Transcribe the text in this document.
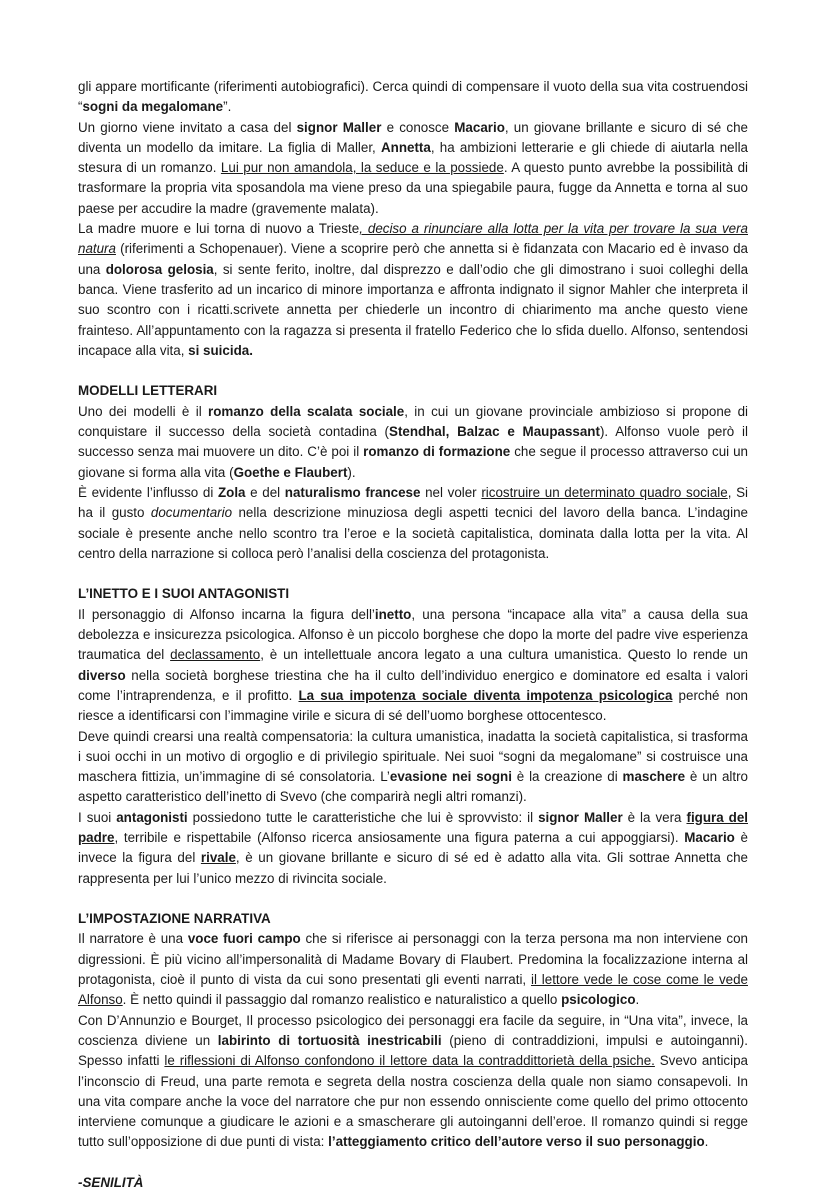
gli appare mortificante (riferimenti autobiografici). Cerca quindi di compensare il vuoto della sua vita costruendosi “sogni da megalomane”.

Un giorno viene invitato a casa del signor Maller e conosce Macario, un giovane brillante e sicuro di sé che diventa un modello da imitare. La figlia di Maller, Annetta, ha ambizioni letterarie e gli chiede di aiutarla nella stesura di un romanzo. Lui pur non amandola, la seduce e la possiede. A questo punto avrebbe la possibilità di trasformare la propria vita sposandola ma viene preso da una spiegabile paura, fugge da Annetta e torna al suo paese per accudire la madre (gravemente malata).

La madre muore e lui torna di nuovo a Trieste, deciso a rinunciare alla lotta per la vita per trovare la sua vera natura (riferimenti a Schopenauer). Viene a scoprire però che annetta si è fidanzata con Macario ed è invaso da una dolorosa gelosia, si sente ferito, inoltre, dal disprezzo e dall’odio che gli dimostrano i suoi colleghi della banca. Viene trasferito ad un incarico di minore importanza e affronta indignato il signor Mahler che interpreta il suo scontro con i ricatti.scrivete annetta per chiederle un incontro di chiarimento ma anche questo viene frainteso. All’appuntamento con la ragazza si presenta il fratello Federico che lo sfida duello. Alfonso, sentendosi incapace alla vita, si suicida.

MODELLI LETTERARI

Uno dei modelli è il romanzo della scalata sociale, in cui un giovane provinciale ambizioso si propone di conquistare il successo della società contadina (Stendhal, Balzac e Maupassant). Alfonso vuole però il successo senza mai muovere un dito. C’è poi il romanzo di formazione che segue il processo attraverso cui un giovane si forma alla vita (Goethe e Flaubert).

È evidente l’influsso di Zola e del naturalismo francese nel voler ricostruire un determinato quadro sociale, Si ha il gusto documentario nella descrizione minuziosa degli aspetti tecnici del lavoro della banca. L’indagine sociale è presente anche nello scontro tra l’eroe e la società capitalistica, dominata dalla lotta per la vita. Al centro della narrazione si colloca però l’analisi della coscienza del protagonista.

L’INETTO E I SUOI ANTAGONISTI

Il personaggio di Alfonso incarna la figura dell’inetto, una persona “incapace alla vita” a causa della sua debolezza e insicurezza psicologica. Alfonso è un piccolo borghese che dopo la morte del padre vive esperienza traumatica del declassamento, è un intellettuale ancora legato a una cultura umanistica. Questo lo rende un diverso nella società borghese triestina che ha il culto dell’individuo energico e dominatore ed esalta i valori come l’intraprendenza, e il profitto. La sua impotenza sociale diventa impotenza psicologica perché non riesce a identificarsi con l’immagine virile e sicura di sé dell’uomo borghese ottocentesco.

Deve quindi crearsi una realtà compensatoria: la cultura umanistica, inadatta la società capitalistica, si trasforma i suoi occhi in un motivo di orgoglio e di privilegio spirituale. Nei suoi “sogni da megalomane” si costruisce una maschera fittizia, un’immagine di sé consolatoria. L’evasione nei sogni è la creazione di maschere è un altro aspetto caratteristico dell’inetto di Svevo (che comparirà negli altri romanzi).

I suoi antagonisti possiedono tutte le caratteristiche che lui è sprovvisto: il signor Maller è la vera figura del padre, terribile e rispettabile (Alfonso ricerca ansiosamente una figura paterna a cui appoggiarsi). Macario è invece la figura del rivale, è un giovane brillante e sicuro di sé ed è adatto alla vita. Gli sottrae Annetta che rappresenta per lui l’unico mezzo di rivincita sociale.

L’IMPOSTAZIONE NARRATIVA

Il narratore è una voce fuori campo che si riferisce ai personaggi con la terza persona ma non interviene con digressioni. È più vicino all’impersonalità di Madame Bovary di Flaubert. Predomina la focalizzazione interna al protagonista, cioè il punto di vista da cui sono presentati gli eventi narrati, il lettore vede le cose come le vede Alfonso. È netto quindi il passaggio dal romanzo realistico e naturalistico a quello psicologico.

Con D’Annunzio e Bourget, Il processo psicologico dei personaggi era facile da seguire, in “Una vita”, invece, la coscienza diviene un labirinto di tortuosità inestricabili (pieno di contraddizioni, impulsi e autoinganni). Spesso infatti le riflessioni di Alfonso confondono il lettore data la contraddittorietà della psiche. Svevo anticipa l’inconscio di Freud, una parte remota e segreta della nostra coscienza della quale non siamo consapevoli. In una vita compare anche la voce del narratore che pur non essendo onnisciente come quello del primo ottocento interviene comunque a giudicare le azioni e a smascherare gli autoinganni dell’eroe. Il romanzo quindi si regge tutto sull’opposizione di due punti di vista: l’atteggiamento critico dell’autore verso il suo personaggio.

-SENILITÀ
